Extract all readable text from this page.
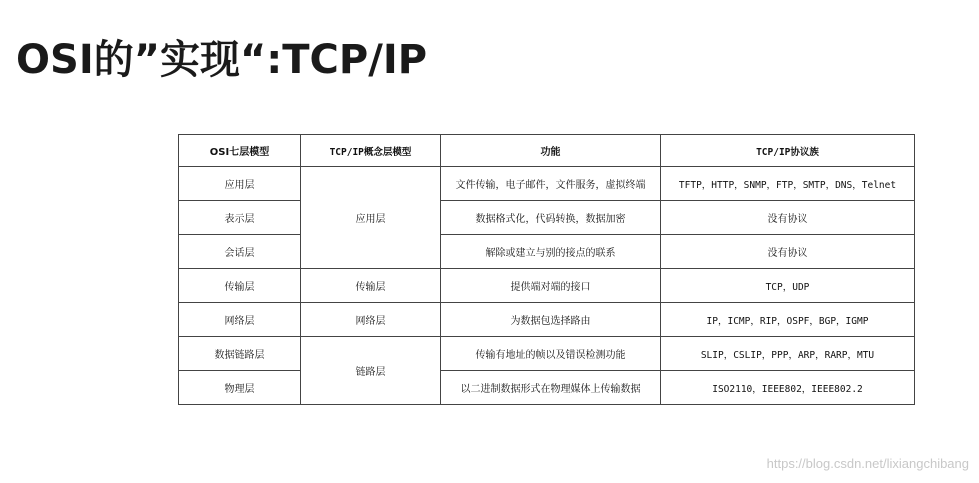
OSI的”实现“:TCP/IP
OSI七层模型	TCP/IP概念层模型	功能	TCP/IP协议族
应用层	应用层	文件传输，电子邮件，文件服务，虚拟终端	TFTP，HTTP，SNMP，FTP，SMTP，DNS，Telnet
表示层		数据格式化，代码转换，数据加密	没有协议
会话层		解除或建立与别的接点的联系	没有协议
传输层	传输层	提供端对端的接口	TCP，UDP
网络层	网络层	为数据包选择路由	IP，ICMP，RIP，OSPF，BGP，IGMP
数据链路层	链路层	传输有地址的帧以及错误检测功能	SLIP，CSLIP，PPP，ARP，RARP，MTU
物理层		以二进制数据形式在物理媒体上传输数据	ISO2110，IEEE802，IEEE802.2
https://blog.csdn.net/lixiangchibang
